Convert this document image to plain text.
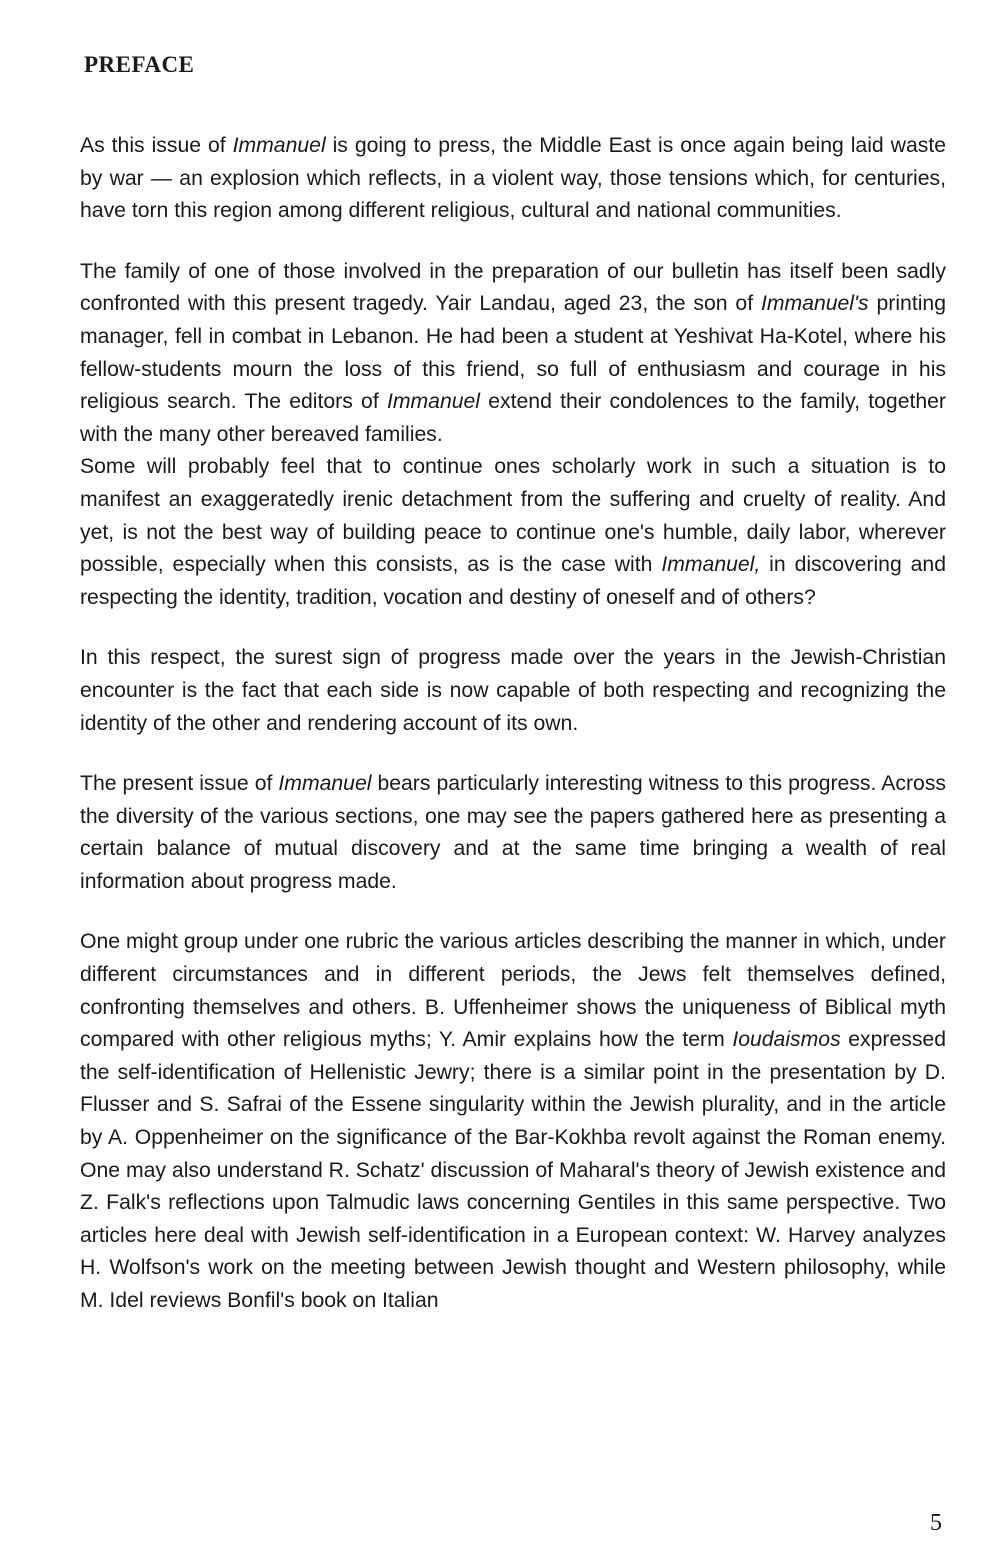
PREFACE

As this issue of Immanuel is going to press, the Middle East is once again being laid waste by war — an explosion which reflects, in a violent way, those tensions which, for centuries, have torn this region among different religious, cultural and national communities.

The family of one of those involved in the preparation of our bulletin has itself been sadly confronted with this present tragedy. Yair Landau, aged 23, the son of Immanuel's printing manager, fell in combat in Lebanon. He had been a student at Yeshivat Ha-Kotel, where his fellow-students mourn the loss of this friend, so full of enthusiasm and courage in his religious search. The editors of Immanuel extend their condolences to the family, together with the many other bereaved families.

Some will probably feel that to continue ones scholarly work in such a situation is to manifest an exaggeratedly irenic detachment from the suffering and cruelty of reality. And yet, is not the best way of building peace to continue one's humble, daily labor, wherever possible, especially when this consists, as is the case with Immanuel, in discovering and respecting the identity, tradition, vocation and destiny of oneself and of others?

In this respect, the surest sign of progress made over the years in the Jewish-Christian encounter is the fact that each side is now capable of both respecting and recognizing the identity of the other and rendering account of its own.

The present issue of Immanuel bears particularly interesting witness to this progress. Across the diversity of the various sections, one may see the papers gathered here as presenting a certain balance of mutual discovery and at the same time bringing a wealth of real information about progress made.

One might group under one rubric the various articles describing the manner in which, under different circumstances and in different periods, the Jews felt themselves defined, confronting themselves and others. B. Uffenheimer shows the uniqueness of Biblical myth compared with other religious myths; Y. Amir explains how the term Ioudaismos expressed the self-identification of Hellenistic Jewry; there is a similar point in the presentation by D. Flusser and S. Safrai of the Essene singularity within the Jewish plurality, and in the article by A. Oppenheimer on the significance of the Bar-Kokhba revolt against the Roman enemy. One may also understand R. Schatz' discussion of Maharal's theory of Jewish existence and Z. Falk's reflections upon Talmudic laws concerning Gentiles in this same perspective. Two articles here deal with Jewish self-identification in a European context: W. Harvey analyzes H. Wolfson's work on the meeting between Jewish thought and Western philosophy, while M. Idel reviews Bonfil's book on Italian

5
